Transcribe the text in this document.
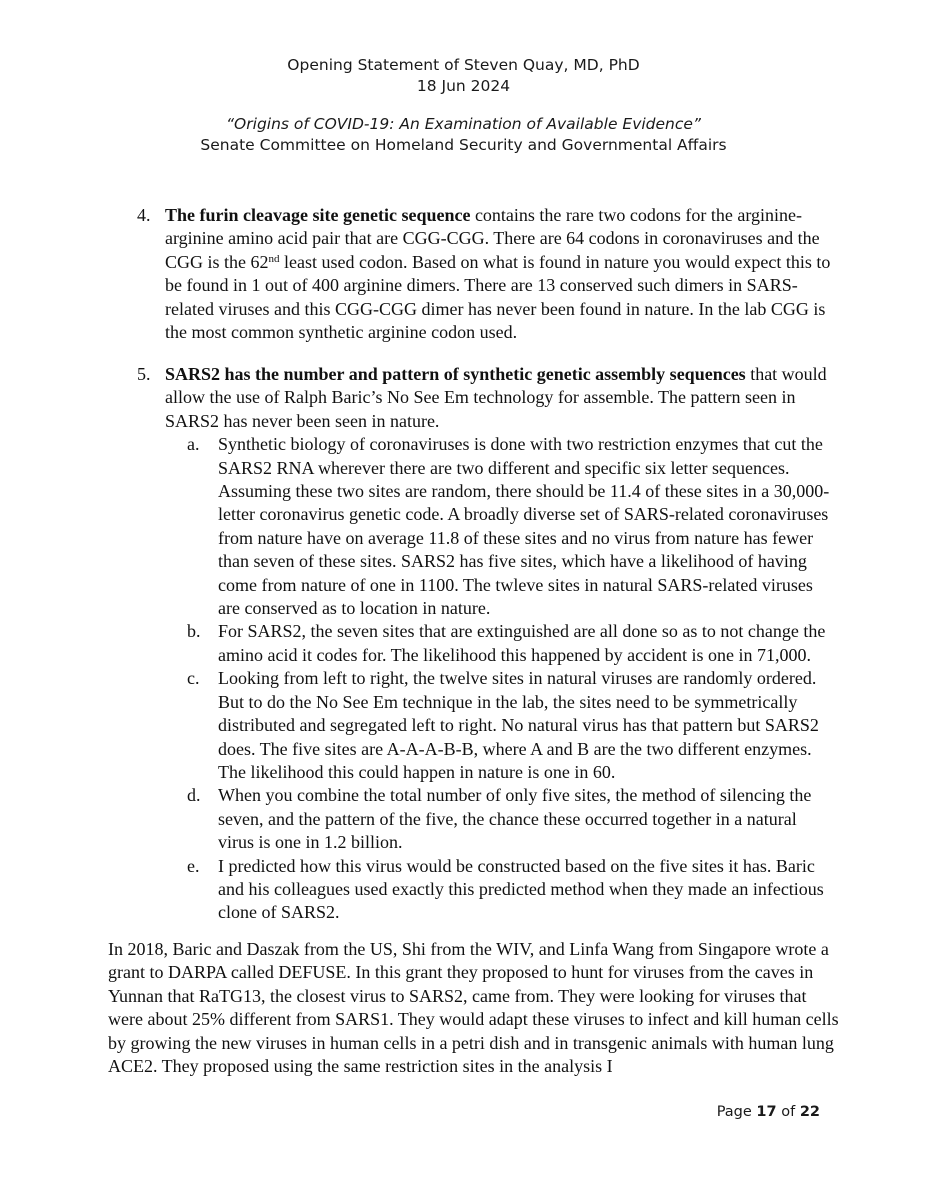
Opening Statement of Steven Quay, MD, PhD
18 Jun 2024
“Origins of COVID-19: An Examination of Available Evidence”
Senate Committee on Homeland Security and Governmental Affairs
4. The furin cleavage site genetic sequence contains the rare two codons for the arginine-arginine amino acid pair that are CGG-CGG. There are 64 codons in coronaviruses and the CGG is the 62nd least used codon. Based on what is found in nature you would expect this to be found in 1 out of 400 arginine dimers. There are 13 conserved such dimers in SARS-related viruses and this CGG-CGG dimer has never been found in nature. In the lab CGG is the most common synthetic arginine codon used.
5. SARS2 has the number and pattern of synthetic genetic assembly sequences that would allow the use of Ralph Baric’s No See Em technology for assemble. The pattern seen in SARS2 has never been seen in nature.
a. Synthetic biology of coronaviruses is done with two restriction enzymes that cut the SARS2 RNA wherever there are two different and specific six letter sequences. Assuming these two sites are random, there should be 11.4 of these sites in a 30,000-letter coronavirus genetic code. A broadly diverse set of SARS-related coronaviruses from nature have on average 11.8 of these sites and no virus from nature has fewer than seven of these sites. SARS2 has five sites, which have a likelihood of having come from nature of one in 1100. The twleve sites in natural SARS-related viruses are conserved as to location in nature.
b. For SARS2, the seven sites that are extinguished are all done so as to not change the amino acid it codes for. The likelihood this happened by accident is one in 71,000.
c. Looking from left to right, the twelve sites in natural viruses are randomly ordered. But to do the No See Em technique in the lab, the sites need to be symmetrically distributed and segregated left to right. No natural virus has that pattern but SARS2 does. The five sites are A-A-A-B-B, where A and B are the two different enzymes. The likelihood this could happen in nature is one in 60.
d. When you combine the total number of only five sites, the method of silencing the seven, and the pattern of the five, the chance these occurred together in a natural virus is one in 1.2 billion.
e. I predicted how this virus would be constructed based on the five sites it has. Baric and his colleagues used exactly this predicted method when they made an infectious clone of SARS2.
In 2018, Baric and Daszak from the US, Shi from the WIV, and Linfa Wang from Singapore wrote a grant to DARPA called DEFUSE. In this grant they proposed to hunt for viruses from the caves in Yunnan that RaTG13, the closest virus to SARS2, came from. They were looking for viruses that were about 25% different from SARS1. They would adapt these viruses to infect and kill human cells by growing the new viruses in human cells in a petri dish and in transgenic animals with human lung ACE2. They proposed using the same restriction sites in the analysis I
Page 17 of 22
